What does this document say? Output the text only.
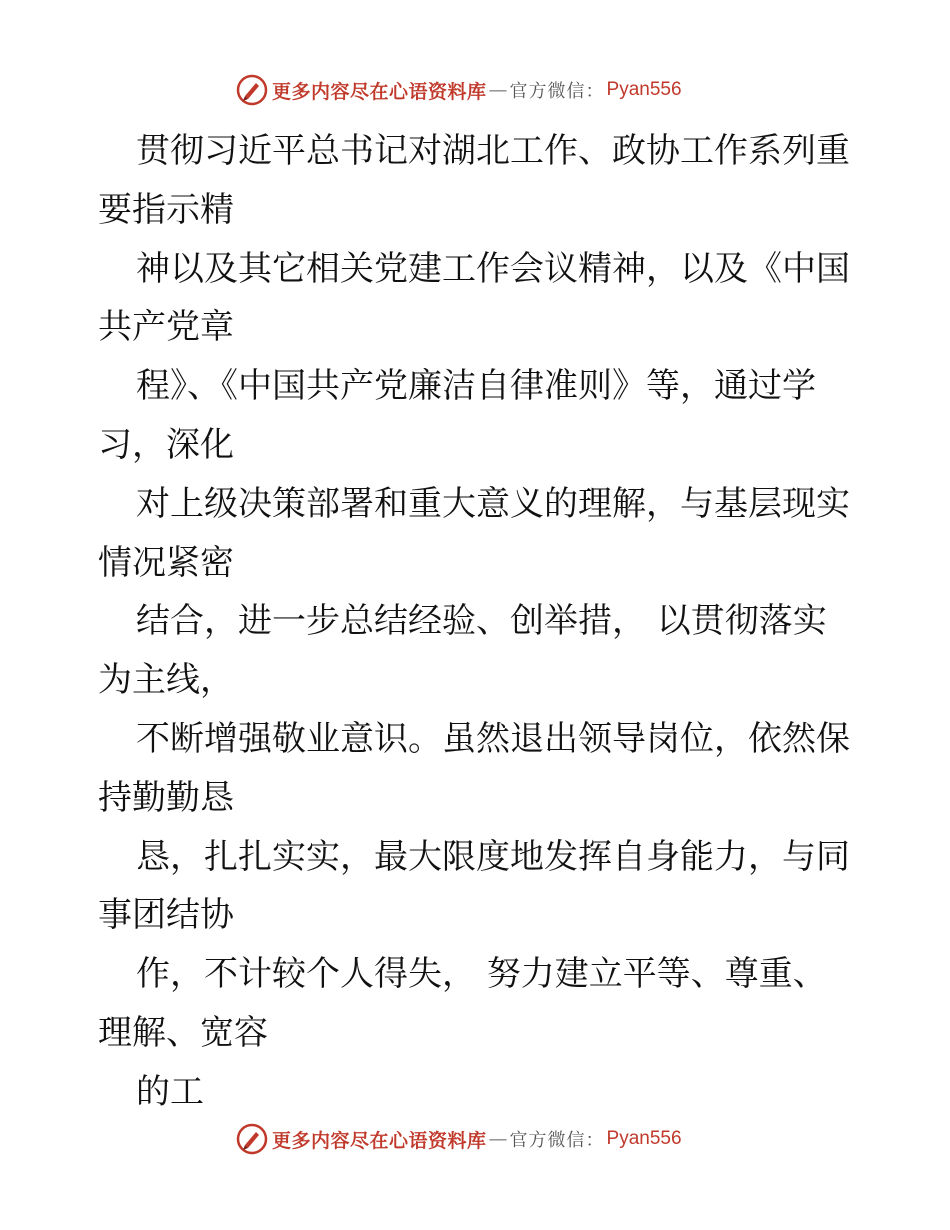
更多内容尽在心语资料库 — 官方微信： Pyan556
贯彻习近平总书记对湖北工作、政协工作系列重
要指示精
神以及其它相关党建工作会议精神，以及《中国
共产党章
程》、《中国共产党廉洁自律准则》等，通过学
习，深化
对上级决策部署和重大意义的理解，与基层现实
情况紧密
结合，进一步总结经验、创举措， 以贯彻落实
为主线，
不断增强敬业意识。虽然退出领导岗位，依然保
持勤勤恳
恳，扎扎实实，最大限度地发挥自身能力，与同
事团结协
作，不计较个人得失， 努力建立平等、尊重、
理解、宽容
的工
更多内容尽在心语资料库 — 官方微信： Pyan556
